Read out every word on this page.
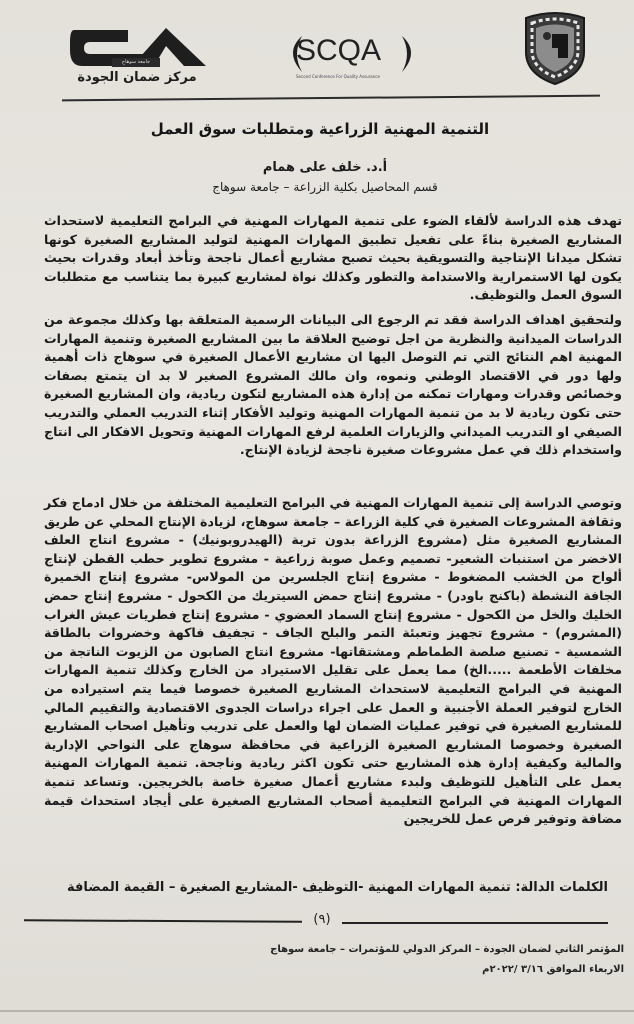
جامعة سوهاج
مركز ضمان الجودة
SCQA
Second Conference For Quality Assurance
التنمية المهنية الزراعية ومتطلبات سوق العمل
أ.د. خلف على همام
قسم المحاصيل بكلية الزراعة – جامعة سوهاج

تهدف هذه الدراسة لألقاء الضوء على تنمية المهارات المهنية في البرامج التعليمية لاستحداث المشاريع الصغيرة بناءً على تفعيل تطبيق المهارات المهنية لتوليد المشاريع الصغيرة كونها تشكل ميدانا الإنتاجية والتسويقية بحيث تصبح مشاريع أعمال ناجحة وتأخذ أبعاد وقدرات بحيث يكون لها الاستمرارية والاستدامة والتطور وكذلك نواة لمشاريع كبيرة بما يتناسب مع متطلبات السوق العمل والتوظيف.

ولتحقيق اهداف الدراسة فقد تم الرجوع الى البيانات الرسمية المتعلقة بها وكذلك مجموعة من الدراسات الميدانية والنظرية من اجل توضيح العلاقة ما بين المشاريع الصغيرة وتنمية المهارات المهنية اهم النتائج التي تم التوصل اليها ان مشاريع الأعمال الصغيرة في سوهاج ذات أهمية ولها دور في الاقتصاد الوطني ونموه، وان مالك المشروع الصغير لا بد ان يتمتع بصفات وخصائص وقدرات ومهارات تمكنه من إدارة هذه المشاريع لتكون ريادية، وان المشاريع الصغيرة حتى تكون ريادية لا بد من تنمية المهارات المهنية وتوليد الأفكار إثناء التدريب العملي والتدريب الصيفي او التدريب الميداني والزيارات العلمية لرفع المهارات المهنية وتحويل الافكار الى انتاج واستخدام ذلك في عمل مشروعات صغيرة ناجحة لزيادة الإنتاج.

وتوصي الدراسة إلى تنمية المهارات المهنية في البرامج التعليمية المختلفة من خلال ادماج فكر وثقافة المشروعات الصغيرة في كلية الزراعة – جامعة سوهاج، لزيادة الإنتاج المحلي عن طريق المشاريع الصغيرة مثل (مشروع الزراعة بدون تربة (الهيدروبونيك) - مشروع انتاج العلف الاخضر من استنبات الشعير- تصميم وعمل صوبة زراعية - مشروع تطوير حطب القطن لإنتاج ألواح من الخشب المضغوط - مشروع إنتاج الجلسرين من المولاس- مشروع إنتاج الخميرة الجافة النشطة (باكنج باودر) - مشروع إنتاج حمض السيتريك من الكحول - مشروع إنتاج حمض الخليك والخل من الكحول - مشروع إنتاج السماد العضوي - مشروع إنتاج فطريات عيش الغراب (المشروم) - مشروع تجهيز وتعبئة التمر والبلح الجاف - تجفيف فاكهة وخضروات بالطاقة الشمسية - تصنيع صلصة الطماطم ومشتقاتها- مشروع انتاج الصابون من الزيوت الناتجة من مخلفات الأطعمة .....الخ) مما يعمل على تقليل الاستيراد من الخارج وكذلك تنمية المهارات المهنية في البرامج التعليمية لاستحداث المشاريع الصغيرة خصوصا فيما يتم استيراده من الخارج لتوفير العملة الأجنبية و العمل على اجراء دراسات الجدوى الاقتصادية والتقييم المالي للمشاريع الصغيرة في توفير عمليات الضمان لها والعمل على تدريب وتأهيل اصحاب المشاريع الصغيرة وخصوصا المشاريع الصغيرة الزراعية في محافظة سوهاج على النواحي الإدارية والمالية وكيفية إدارة هذه المشاريع حتى تكون اكثر ريادية وناجحة. تنمية المهارات المهنية يعمل على التأهيل للتوظيف ولبدء مشاريع أعمال صغيرة خاصة بالخريجين. وتساعد تنمية المهارات المهنية في البرامج التعليمية أصحاب المشاريع الصغيرة على أيجاد استحداث قيمة مضافة وتوفير فرص عمل للخريجين

الكلمات الدالة: تنمية المهارات المهنية -التوظيف -المشاريع الصغيرة – القيمة المضافة
(٩)
المؤتمر الثاني لضمان الجودة – المركز الدولي للمؤتمرات – جامعة سوهاج
الاربعاء الموافق ٣/١٦ /٢٠٢٢م
